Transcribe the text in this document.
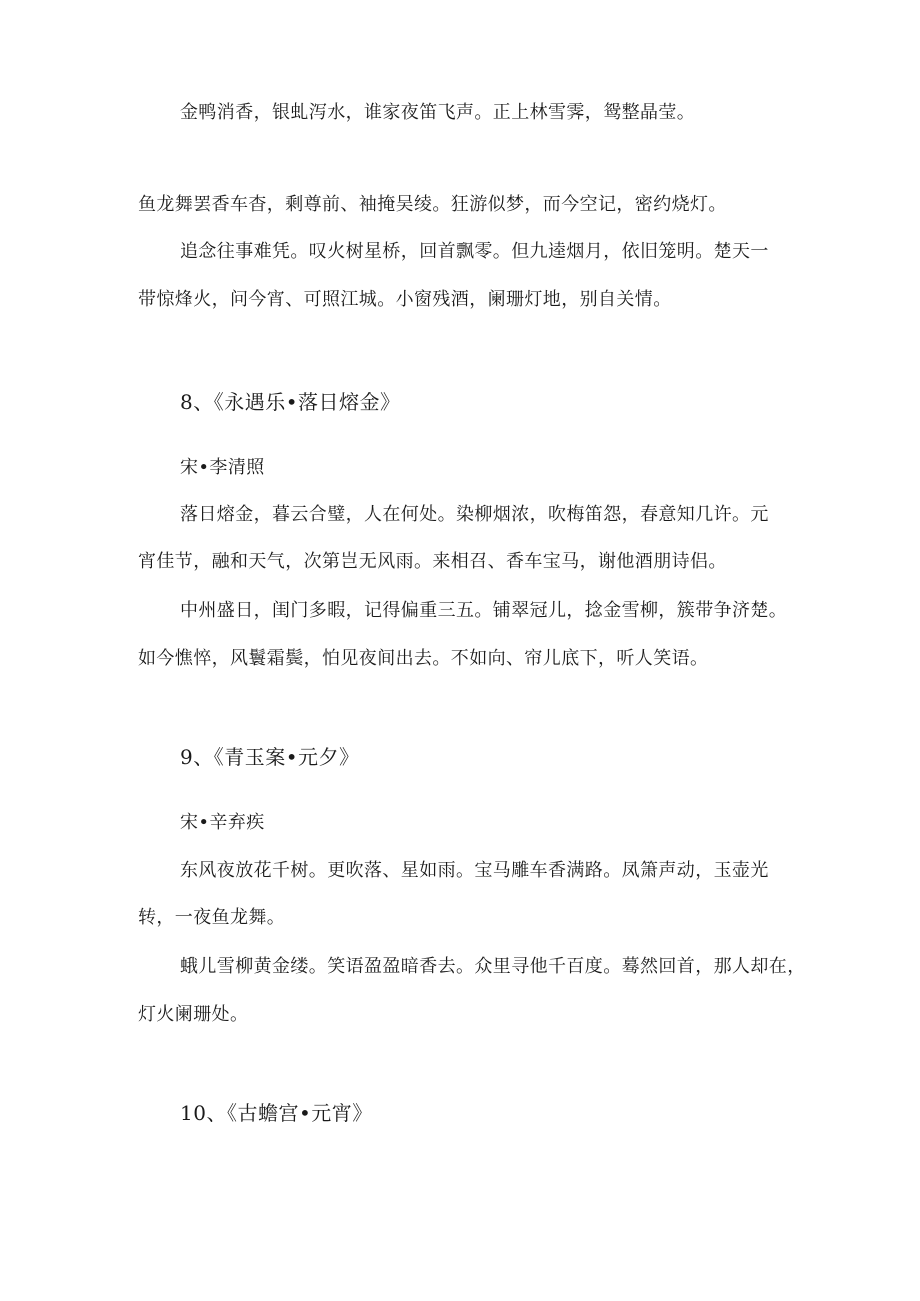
金鸭消香，银虬泻水，谁家夜笛飞声。正上林雪霁，鸳整晶莹。
鱼龙舞罢香车杳，剩尊前、袖掩吴绫。狂游似梦，而今空记，密约烧灯。
追念往事难凭。叹火树星桥，回首飘零。但九逵烟月，依旧笼明。楚天一
带惊烽火，问今宵、可照江城。小窗残酒，阑珊灯地，别自关情。
8、《永遇乐•落日熔金》
宋•李清照
落日熔金，暮云合璧，人在何处。染柳烟浓，吹梅笛怨，春意知几许。元
宵佳节，融和天气，次第岂无风雨。来相召、香车宝马，谢他酒朋诗侣。
中州盛日，闺门多暇，记得偏重三五。铺翠冠儿，捻金雪柳，簇带争济楚。
如今憔悴，风鬟霜鬓，怕见夜间出去。不如向、帘儿底下，听人笑语。
9、《青玉案•元夕》
宋•辛弃疾
东风夜放花千树。更吹落、星如雨。宝马雕车香满路。凤箫声动，玉壶光
转，一夜鱼龙舞。
蛾儿雪柳黄金缕。笑语盈盈暗香去。众里寻他千百度。蓦然回首，那人却在，
灯火阑珊处。
10、《古蟾宫•元宵》
